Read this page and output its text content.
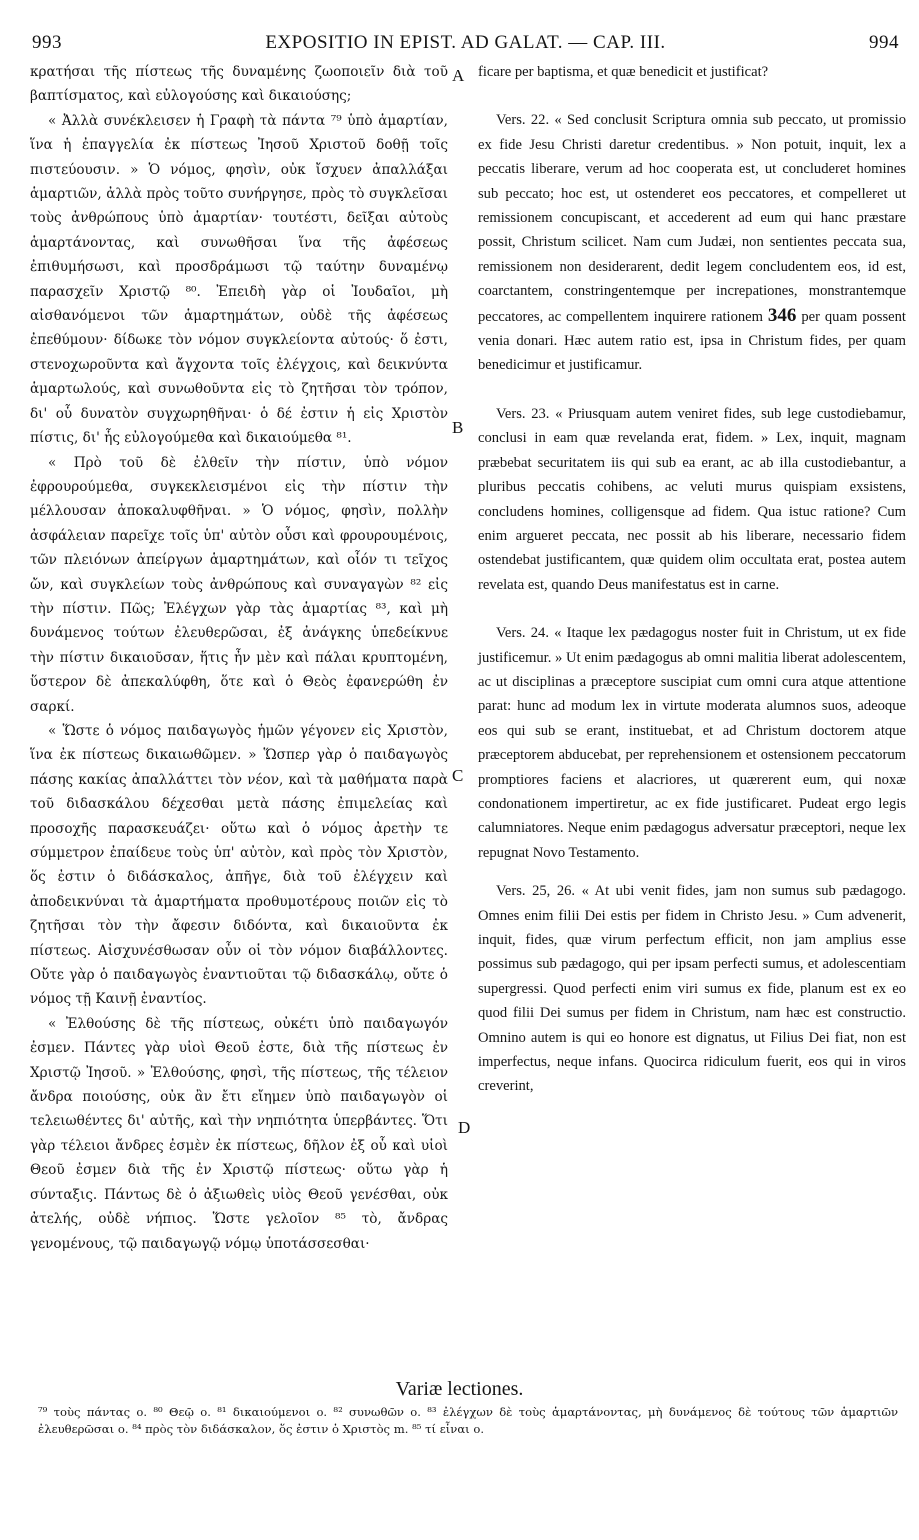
993	EXPOSITIO IN EPIST. AD GALAT. — CAP. III.	994

κρατήσαι τῆς πίστεως τῆς δυναμένης ζωοποιεῖν διὰ τοῦ βαπτίσματος, καὶ εὐλογούσης καὶ δικαιούσης;

« Ἀλλὰ συνέκλεισεν ἡ Γραφὴ τὰ πάντα ⁷⁹ ὑπὸ ἁμαρτίαν, ἵνα ἡ ἐπαγγελία ἐκ πίστεως Ἰησοῦ Χριστοῦ δοθῇ τοῖς πιστεύουσιν. » Ὁ νόμος, φησὶν, οὐκ ἴσχυεν ἀπαλλάξαι ἁμαρτιῶν, ἀλλὰ πρὸς τοῦτο συνήργησε, πρὸς τὸ συγκλεῖσαι τοὺς ἀνθρώπους ὑπὸ ἁμαρτίαν· τουτέστι, δεῖξαι αὐτοὺς ἁμαρτάνοντας, καὶ συνωθῆσαι ἵνα τῆς ἀφέσεως ἐπιθυμήσωσι, καὶ προσδράμωσι τῷ ταύτην δυναμένῳ παρασχεῖν Χριστῷ ⁸⁰. Ἐπειδὴ γὰρ οἱ Ἰουδαῖοι, μὴ αἰσθανόμενοι τῶν ἁμαρτημάτων, οὐδὲ τῆς ἀφέσεως ἐπεθύμουν· δίδωκε τὸν νόμον συγκλείοντα αὐτούς· ὅ ἐστι, στενοχωροῦντα καὶ ἄγχοντα τοῖς ἐλέγχοις, καὶ δεικνύντα ἁμαρτωλούς, καὶ συνωθοῦντα εἰς τὸ ζητῆσαι τὸν τρόπον, δι' οὗ δυνατὸν συγχωρηθῆναι· ὁ δέ ἐστιν ἡ εἰς Χριστὸν πίστις, δι' ἧς εὐλογούμεθα καὶ δικαιούμεθα ⁸¹.

« Πρὸ τοῦ δὲ ἐλθεῖν τὴν πίστιν, ὑπὸ νόμον ἐφρουρούμεθα, συγκεκλεισμένοι εἰς τὴν πίστιν τὴν μέλλουσαν ἀποκαλυφθῆναι. » Ὁ νόμος, φησὶν, πολλὴν ἀσφάλειαν παρεῖχε τοῖς ὑπ' αὐτὸν οὖσι καὶ φρουρουμένοις, τῶν πλειόνων ἀπείργων ἁμαρτημάτων, καὶ οἷόν τι τεῖχος ὤν, καὶ συγκλείων τοὺς ἀνθρώπους καὶ συναγαγὼν ⁸² εἰς τὴν πίστιν. Πῶς; Ἐλέγχων γὰρ τὰς ἁμαρτίας ⁸³, καὶ μὴ δυνάμενος τούτων ἐλευθερῶσαι, ἐξ ἀνάγκης ὑπεδείκνυε τὴν πίστιν δικαιοῦσαν, ἥτις ἦν μὲν καὶ πάλαι κρυπτομένη, ὕστερον δὲ ἀπεκαλύφθη, ὅτε καὶ ὁ Θεὸς ἐφανερώθη ἐν σαρκί.

« Ὥστε ὁ νόμος παιδαγωγὸς ἡμῶν γέγονεν εἰς Χριστὸν, ἵνα ἐκ πίστεως δικαιωθῶμεν. » Ὥσπερ γὰρ ὁ παιδαγωγὸς πάσης κακίας ἀπαλλάττει τὸν νέον, καὶ τὰ μαθήματα παρὰ τοῦ διδασκάλου δέχεσθαι μετὰ πάσης ἐπιμελείας καὶ προσοχῆς παρασκευάζει· οὕτω καὶ ὁ νόμος ἀρετὴν τε σύμμετρον ἐπαίδευε τοὺς ὑπ' αὐτὸν, καὶ πρὸς τὸν Χριστὸν, ὅς ἐστιν ὁ διδάσκαλος, ἀπῆγε, διὰ τοῦ ἐλέγχειν καὶ ἀποδεικνύναι τὰ ἁμαρτήματα προθυμοτέρους ποιῶν εἰς τὸ ζητῆσαι τὸν τὴν ἄφεσιν διδόντα, καὶ δικαιοῦντα ἐκ πίστεως. Αἰσχυνέσθωσαν οὖν οἱ τὸν νόμον διαβάλλοντες. Οὔτε γὰρ ὁ παιδαγωγὸς ἐναντιοῦται τῷ διδασκάλῳ, οὔτε ὁ νόμος τῇ Καινῇ ἐναντίος.

« Ἐλθούσης δὲ τῆς πίστεως, οὐκέτι ὑπὸ παιδαγωγόν ἐσμεν. Πάντες γὰρ υἱοὶ Θεοῦ ἐστε, διὰ τῆς πίστεως ἐν Χριστῷ Ἰησοῦ. » Ἐλθούσης, φησὶ, τῆς πίστεως, τῆς τέλειον ἄνδρα ποιούσης, οὐκ ἂν ἔτι εἴημεν ὑπὸ παιδαγωγὸν οἱ τελειωθέντες δι' αὐτῆς, καὶ τὴν νηπιότητα ὑπερβάντες. Ὅτι γὰρ τέλειοι ἄνδρες ἐσμὲν ἐκ πίστεως, δῆλον ἐξ οὗ καὶ υἱοὶ Θεοῦ ἐσμεν διὰ τῆς ἐν Χριστῷ πίστεως· οὕτω γὰρ ἡ σύνταξις. Πάντως δὲ ὁ ἀξιωθεὶς υἱὸς Θεοῦ γενέσθαι, οὐκ ἀτελής, οὐδὲ νήπιος. Ὥστε γελοῖον ⁸⁵ τὸ, ἄνδρας γενομένους, τῷ παιδαγωγῷ νόμῳ ὑποτάσσεσθαι·

ficare per baptisma, et quæ benedicit et justificat?

Vers. 22. « Sed conclusit Scriptura omnia sub peccato, ut promissio ex fide Jesu Christi daretur credentibus. » Non potuit, inquit, lex a peccatis liberare, verum ad hoc cooperata est, ut concluderet homines sub peccato; hoc est, ut ostenderet eos peccatores, et compelleret ut remissionem concupiscant, et accederent ad eum qui hanc præstare possit, Christum scilicet. Nam cum Judæi, non sentientes peccata sua, remissionem non desiderarent, dedit legem concludentem eos, id est, coarctantem, constringentemque per increpationes, monstrantemque peccatores, ac compellentem inquirere rationem 346 per quam possent venia donari. Hæc autem ratio est, ipsa in Christum fides, per quam benedicimur et justificamur.

Vers. 23. « Priusquam autem veniret fides, sub lege custodiebamur, conclusi in eam quæ revelanda erat, fidem. » Lex, inquit, magnam præbebat securitatem iis qui sub ea erant, ac ab illa custodiebantur, a pluribus peccatis cohibens, ac veluti murus quispiam exsistens, concludens homines, colligensque ad fidem. Qua istuc ratione? Cum enim argueret peccata, nec possit ab his liberare, necessario fidem ostendebat justificantem, quæ quidem olim occultata erat, postea autem revelata est, quando Deus manifestatus est in carne.

Vers. 24. « Itaque lex pædagogus noster fuit in Christum, ut ex fide justificemur. » Ut enim pædagogus ab omni malitia liberat adolescentem, ac ut disciplinas a præceptore suscipiat cum omni cura atque attentione parat: hunc ad modum lex in virtute moderata alumnos suos, adeoque eos qui sub se erant, instituebat, et ad Christum doctorem atque præceptorem abducebat, per reprehensionem et ostensionem peccatorum promptiores faciens et alacriores, ut quærerent eum, qui noxæ condonationem impertiretur, ac ex fide justificaret. Pudeat ergo legis calumniatores. Neque enim pædagogus adversatur præceptori, neque lex repugnat Novo Testamento.

Vers. 25, 26. « At ubi venit fides, jam non sumus sub pædagogo. Omnes enim filii Dei estis per fidem in Christo Jesu. » Cum advenerit, inquit, fides, quæ virum perfectum efficit, non jam amplius esse possimus sub pædagogo, qui per ipsam perfecti sumus, et adolescentiam supergressi. Quod perfecti enim viri sumus ex fide, planum est ex eo quod filii Dei sumus per fidem in Christum, nam hæc est constructio. Omnino autem is qui eo honore est dignatus, ut Filius Dei fiat, non est imperfectus, neque infans. Quocirca ridiculum fuerit, eos qui in viros creverint,

A
B
C
D
Variæ lectiones.
⁷⁹ τοὺς πάντας ο. ⁸⁰ Θεῷ ο. ⁸¹ δικαιούμενοι ο. ⁸² συνωθῶν ο. ⁸³ ἐλέγχων δὲ τοὺς ἁμαρτάνοντας, μὴ δυνάμενος δὲ τούτους τῶν ἁμαρτιῶν ἐλευθερῶσαι ο. ⁸⁴ πρὸς τὸν διδάσκαλον, ὅς ἐστιν ὁ Χριστὸς m. ⁸⁵ τί εἶναι ο.
